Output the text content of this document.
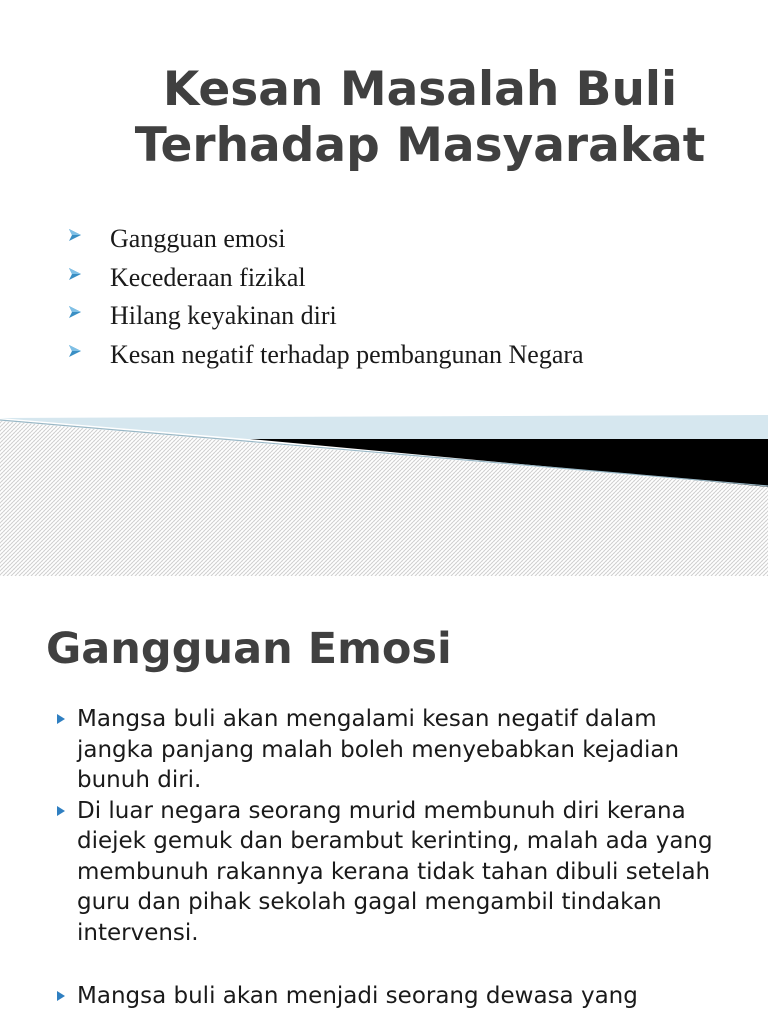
Kesan Masalah Buli
Terhadap Masyarakat
Gangguan emosi
Kecederaan fizikal
Hilang keyakinan diri
Kesan negatif terhadap pembangunan Negara
Gangguan Emosi
Mangsa buli akan mengalami kesan negatif dalam jangka panjang malah boleh menyebabkan kejadian bunuh diri.
Di luar negara seorang murid membunuh diri kerana diejek gemuk dan berambut kerinting, malah ada yang membunuh rakannya kerana tidak tahan dibuli setelah guru dan pihak sekolah gagal mengambil tindakan intervensi.
Mangsa buli akan menjadi seorang dewasa yang
